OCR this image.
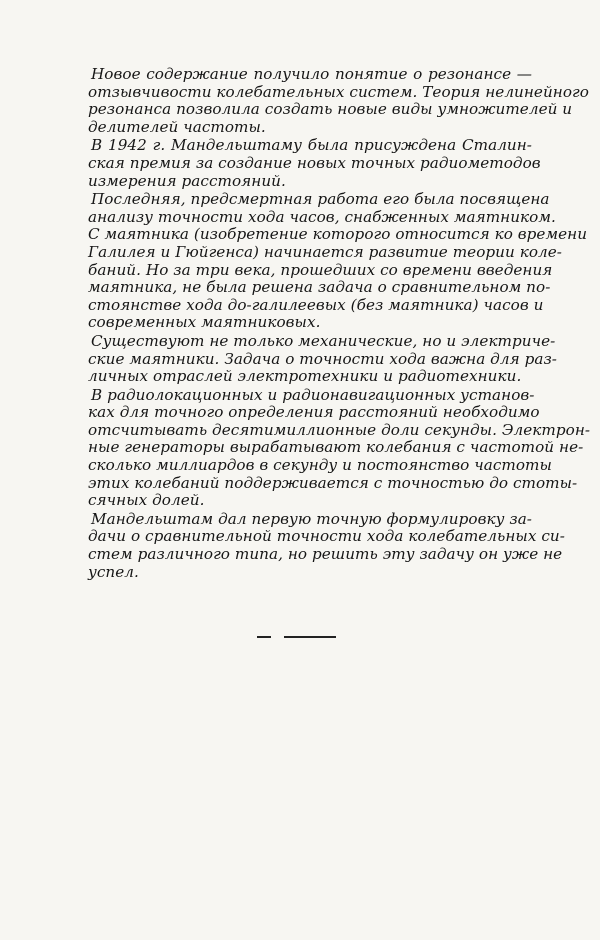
Новое содержание получило понятие о резонансе —
отзывчивости колебательных систем. Теория нелинейного
резонанса позволила создать новые виды умножителей и
делителей частоты.

В 1942 г. Мандельштаму была присуждена Сталин-
ская премия за создание новых точных радиометодов
измерения расстояний.

Последняя, предсмертная работа его была посвящена
анализу точности хода часов, снабженных маятником.
С маятника (изобретение которого относится ко времени
Галилея и Гюйгенса) начинается развитие теории коле-
баний. Но за три века, прошедших со времени введения
маятника, не была решена задача о сравнительном по-
стоянстве хода до-галилеевых (без маятника) часов и
современных маятниковых.

Существуют не только механические, но и электриче-
ские маятники. Задача о точности хода важна для раз-
личных отраслей электротехники и радиотехники.

В радиолокационных и радионавигационных установ-
ках для точного определения расстояний необходимо
отсчитывать десятимиллионные доли секунды. Электрон-
ные генераторы вырабатывают колебания с частотой не-
сколько миллиардов в секунду и постоянство частоты
этих колебаний поддерживается с точностью до стоты-
сячных долей.

Мандельштам дал первую точную формулировку за-
дачи о сравнительной точности хода колебательных си-
стем различного типа, но решить эту задачу он уже не
успел.
